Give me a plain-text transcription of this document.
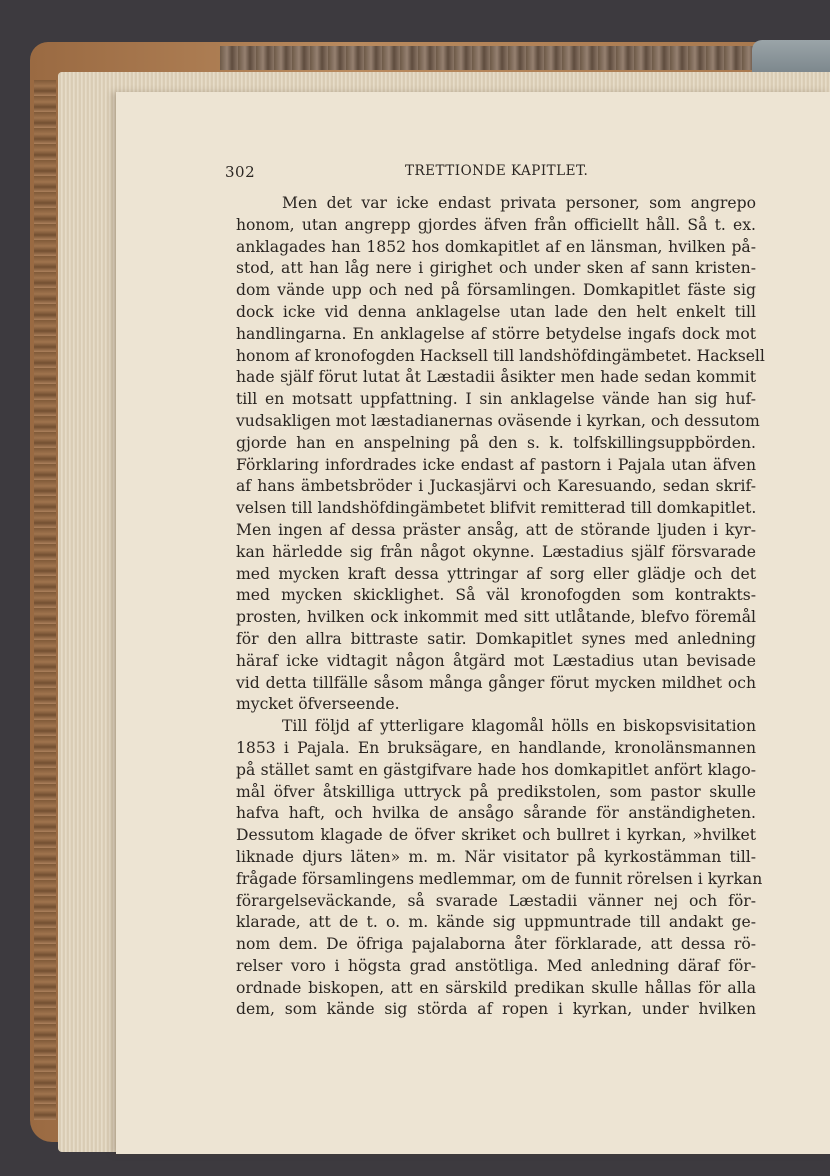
302	TRETTIONDE KAPITLET.
Men det var icke endast privata personer, som angrepo
honom, utan angrepp gjordes äfven från officiellt håll. Så t. ex.
anklagades han 1852 hos domkapitlet af en länsman, hvilken på-
stod, att han låg nere i girighet och under sken af sann kristen-
dom vände upp och ned på församlingen. Domkapitlet fäste sig
dock icke vid denna anklagelse utan lade den helt enkelt till
handlingarna. En anklagelse af större betydelse ingafs dock mot
honom af kronofogden Hacksell till landshöfdingämbetet. Hacksell
hade själf förut lutat åt Læstadii åsikter men hade sedan kommit
till en motsatt uppfattning. I sin anklagelse vände han sig huf-
vudsakligen mot læstadianernas oväsende i kyrkan, och dessutom
gjorde han en anspelning på den s. k. tolfskillingsuppbörden.
Förklaring infordrades icke endast af pastorn i Pajala utan äfven
af hans ämbetsbröder i Juckasjärvi och Karesuando, sedan skrif-
velsen till landshöfdingämbetet blifvit remitterad till domkapitlet.
Men ingen af dessa präster ansåg, att de störande ljuden i kyr-
kan härledde sig från något okynne. Læstadius själf försvarade
med mycken kraft dessa yttringar af sorg eller glädje och det
med mycken skicklighet. Så väl kronofogden som kontrakts-
prosten, hvilken ock inkommit med sitt utlåtande, blefvo föremål
för den allra bittraste satir. Domkapitlet synes med anledning
häraf icke vidtagit någon åtgärd mot Læstadius utan bevisade
vid detta tillfälle såsom många gånger förut mycken mildhet och
mycket öfverseende.
Till följd af ytterligare klagomål hölls en biskopsvisitation
1853 i Pajala. En bruksägare, en handlande, kronolänsmannen
på stället samt en gästgifvare hade hos domkapitlet anfört klago-
mål öfver åtskilliga uttryck på predikstolen, som pastor skulle
hafva haft, och hvilka de ansågo sårande för anständigheten.
Dessutom klagade de öfver skriket och bullret i kyrkan, »hvilket
liknade djurs läten» m. m. När visitator på kyrkostämman till-
frågade församlingens medlemmar, om de funnit rörelsen i kyrkan
förargelseväckande, så svarade Læstadii vänner nej och för-
klarade, att de t. o. m. kände sig uppmuntrade till andakt ge-
nom dem. De öfriga pajalaborna åter förklarade, att dessa rö-
relser voro i högsta grad anstötliga. Med anledning däraf för-
ordnade biskopen, att en särskild predikan skulle hållas för alla
dem, som kände sig störda af ropen i kyrkan, under hvilken
